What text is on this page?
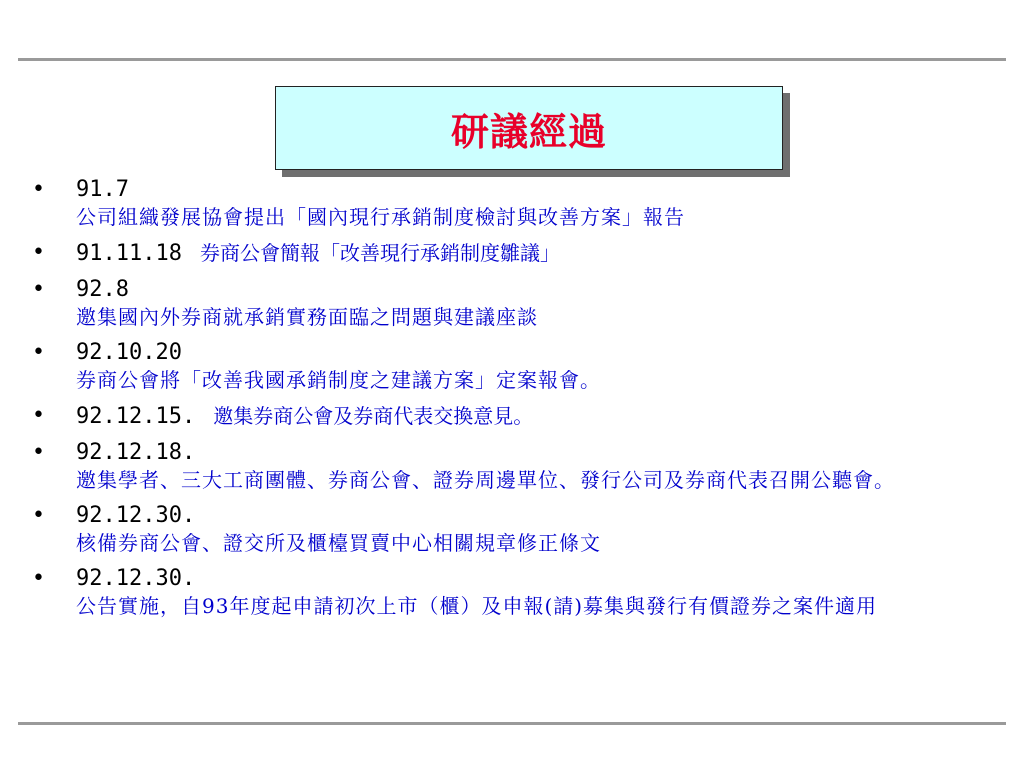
研議經過
• 91.7
公司組織發展協會提出「國內現行承銷制度檢討與改善方案」報告
• 91.11.18 券商公會簡報「改善現行承銷制度雛議」
• 92.8
邀集國內外券商就承銷實務面臨之問題與建議座談
• 92.10.20
券商公會將「改善我國承銷制度之建議方案」定案報會。
• 92.12.15. 邀集券商公會及券商代表交換意見。
• 92.12.18.
邀集學者、三大工商團體、券商公會、證券周邊單位、發行公司及券商代表召開公聽會。
• 92.12.30.
核備券商公會、證交所及櫃檯買賣中心相關規章修正條文
• 92.12.30.
公告實施，自93年度起申請初次上市（櫃）及申報(請)募集與發行有價證券之案件適用
